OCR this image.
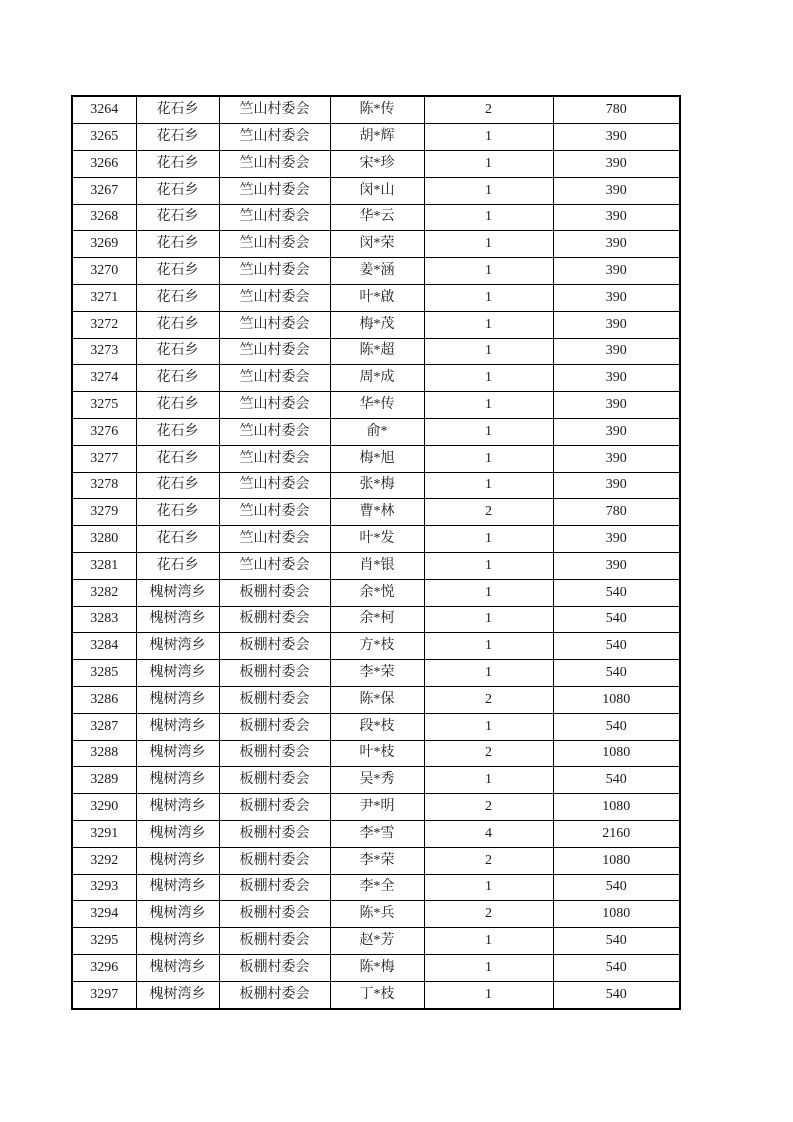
3264	花石乡	竺山村委会	陈*传	2	780
3265	花石乡	竺山村委会	胡*辉	1	390
3266	花石乡	竺山村委会	宋*珍	1	390
3267	花石乡	竺山村委会	闵*山	1	390
3268	花石乡	竺山村委会	华*云	1	390
3269	花石乡	竺山村委会	闵*荣	1	390
3270	花石乡	竺山村委会	姜*涵	1	390
3271	花石乡	竺山村委会	叶*啟	1	390
3272	花石乡	竺山村委会	梅*茂	1	390
3273	花石乡	竺山村委会	陈*超	1	390
3274	花石乡	竺山村委会	周*成	1	390
3275	花石乡	竺山村委会	华*传	1	390
3276	花石乡	竺山村委会	俞*	1	390
3277	花石乡	竺山村委会	梅*旭	1	390
3278	花石乡	竺山村委会	张*梅	1	390
3279	花石乡	竺山村委会	曹*林	2	780
3280	花石乡	竺山村委会	叶*发	1	390
3281	花石乡	竺山村委会	肖*银	1	390
3282	槐树湾乡	板棚村委会	余*悦	1	540
3283	槐树湾乡	板棚村委会	余*柯	1	540
3284	槐树湾乡	板棚村委会	方*枝	1	540
3285	槐树湾乡	板棚村委会	李*荣	1	540
3286	槐树湾乡	板棚村委会	陈*保	2	1080
3287	槐树湾乡	板棚村委会	段*枝	1	540
3288	槐树湾乡	板棚村委会	叶*枝	2	1080
3289	槐树湾乡	板棚村委会	吴*秀	1	540
3290	槐树湾乡	板棚村委会	尹*明	2	1080
3291	槐树湾乡	板棚村委会	李*雪	4	2160
3292	槐树湾乡	板棚村委会	李*荣	2	1080
3293	槐树湾乡	板棚村委会	李*全	1	540
3294	槐树湾乡	板棚村委会	陈*兵	2	1080
3295	槐树湾乡	板棚村委会	赵*芳	1	540
3296	槐树湾乡	板棚村委会	陈*梅	1	540
3297	槐树湾乡	板棚村委会	丁*枝	1	540
